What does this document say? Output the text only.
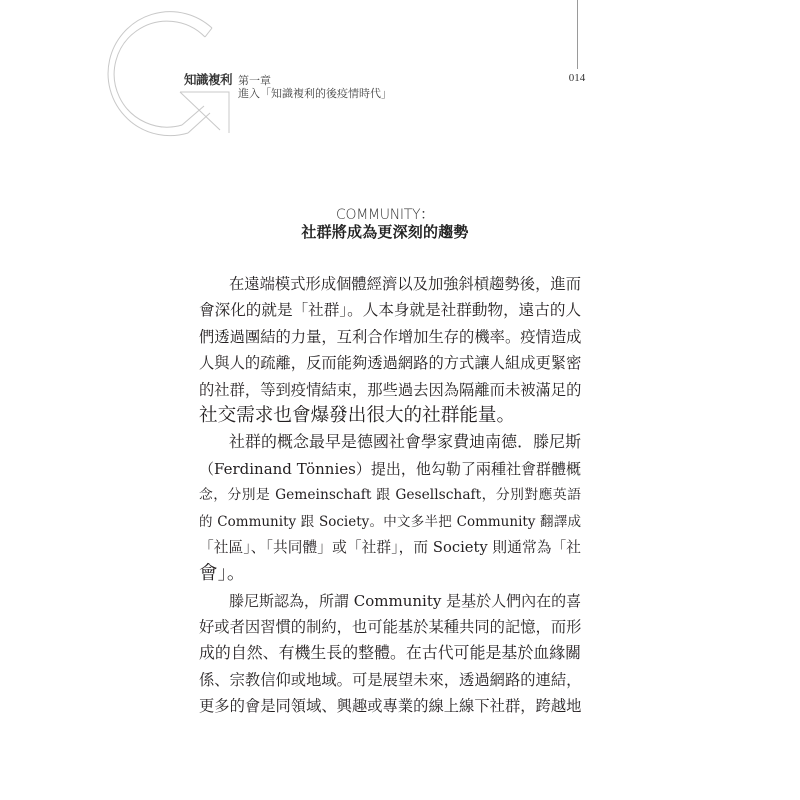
014
知識複利 第一章
進入「知識複利的後疫情時代」
COMMUNITY：
社群將成為更深刻的趨勢
在遠端模式形成個體經濟以及加強斜槓趨勢後，進而
會深化的就是「社群」。人本身就是社群動物，遠古的人
們透過團結的力量，互利合作增加生存的機率。疫情造成
人與人的疏離，反而能夠透過網路的方式讓人組成更緊密
的社群，等到疫情結束，那些過去因為隔離而未被滿足的
社交需求也會爆發出很大的社群能量。
社群的概念最早是德國社會學家費迪南德．滕尼斯
（Ferdinand Tönnies）提出，他勾勒了兩種社會群體概
念，分別是 Gemeinschaft 跟 Gesellschaft，分別對應英語
的 Community 跟 Society。中文多半把 Community 翻譯成
「社區」、「共同體」或「社群」，而 Society 則通常為「社
會」。
滕尼斯認為，所謂 Community 是基於人們內在的喜
好或者因習慣的制約，也可能基於某種共同的記憶，而形
成的自然、有機生長的整體。在古代可能是基於血緣關
係、宗教信仰或地域。可是展望未來，透過網路的連結，
更多的會是同領域、興趣或專業的線上線下社群，跨越地
